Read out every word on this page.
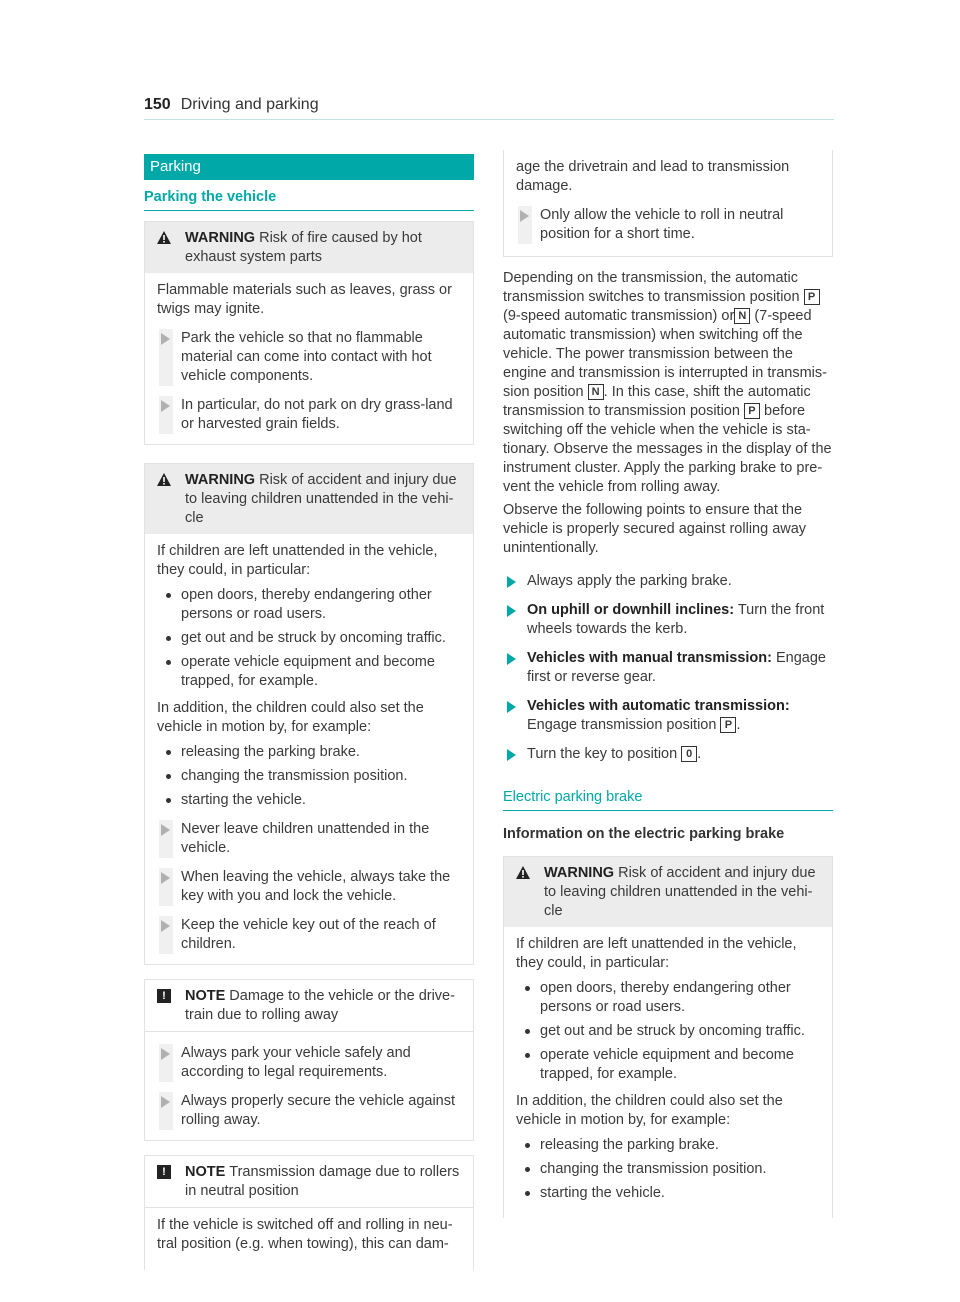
150 Driving and parking
Parking
Parking the vehicle
WARNING Risk of fire caused by hot exhaust system parts

Flammable materials such as leaves, grass or twigs may ignite.

Park the vehicle so that no flammable material can come into contact with hot vehicle components.
In particular, do not park on dry grass-land or harvested grain fields.
WARNING Risk of accident and injury due to leaving children unattended in the vehi-cle

If children are left unattended in the vehicle, they could, in particular:

open doors, thereby endangering other persons or road users.
get out and be struck by oncoming traffic.
operate vehicle equipment and become trapped, for example.

In addition, the children could also set the vehicle in motion by, for example:

releasing the parking brake.
changing the transmission position.
starting the vehicle.
Never leave children unattended in the vehicle.
When leaving the vehicle, always take the key with you and lock the vehicle.
Keep the vehicle key out of the reach of children.
!	NOTE Damage to the vehicle or the drive-train due to rolling away
Always park your vehicle safely and according to legal requirements.
Always properly secure the vehicle against rolling away.
!	NOTE Transmission damage due to rollers in neutral position

If the vehicle is switched off and rolling in neu-tral position (e.g. when towing), this can dam-

age the drivetrain and lead to transmission damage.

Only allow the vehicle to roll in neutral position for a short time.
Depending on the transmission, the automatic transmission switches to transmission position P (9-speed automatic transmission) or N (7-speed automatic transmission) when switching off the vehicle. The power transmission between the engine and transmission is interrupted in transmis-sion position N . In this case, shift the automatic transmission to transmission position P before switching off the vehicle when the vehicle is sta-tionary. Observe the messages in the display of the instrument cluster. Apply the parking brake to pre-vent the vehicle from rolling away.

Observe the following points to ensure that the vehicle is properly secured against rolling away unintentionally.

Always apply the parking brake.
On uphill or downhill inclines: Turn the front wheels towards the kerb.
Vehicles with manual transmission: Engage first or reverse gear.
Vehicles with automatic transmission: Engage transmission position P .
Turn the key to position 0 .
Electric parking brake
Information on the electric parking brake
WARNING Risk of accident and injury due to leaving children unattended in the vehi-cle

If children are left unattended in the vehicle, they could, in particular:

open doors, thereby endangering other persons or road users.
get out and be struck by oncoming traffic.
operate vehicle equipment and become trapped, for example.

In addition, the children could also set the vehicle in motion by, for example:

releasing the parking brake.
changing the transmission position.
starting the vehicle.
